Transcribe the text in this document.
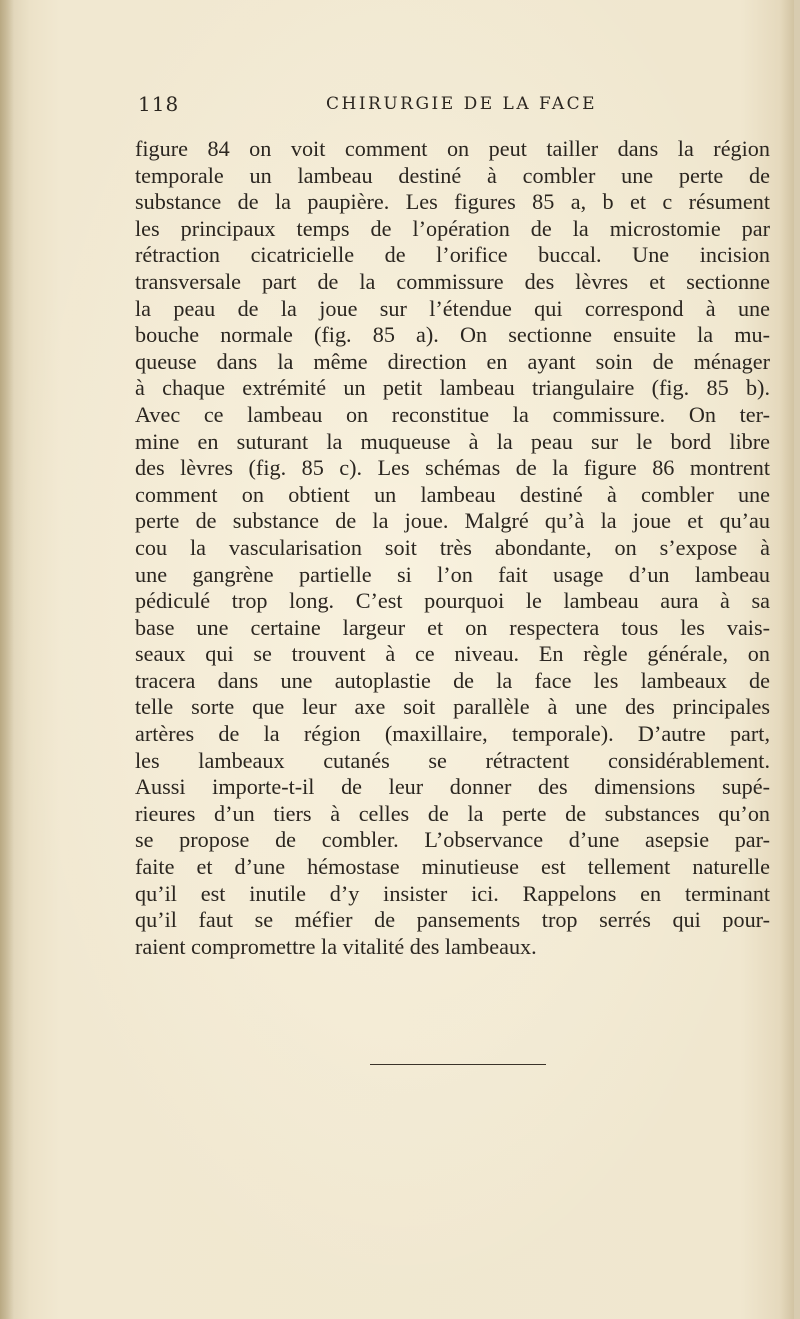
118	CHIRURGIE DE LA FACE
figure 84 on voit comment on peut tailler dans la région
temporale un lambeau destiné à combler une perte de
substance de la paupière. Les figures 85 a, b et c résument
les principaux temps de l’opération de la microstomie par
rétraction cicatricielle de l’orifice buccal. Une incision
transversale part de la commissure des lèvres et sectionne
la peau de la joue sur l’étendue qui correspond à une
bouche normale (fig. 85 a). On sectionne ensuite la mu-
queuse dans la même direction en ayant soin de ménager
à chaque extrémité un petit lambeau triangulaire (fig. 85 b).
Avec ce lambeau on reconstitue la commissure. On ter-
mine en suturant la muqueuse à la peau sur le bord libre
des lèvres (fig. 85 c). Les schémas de la figure 86 montrent
comment on obtient un lambeau destiné à combler une
perte de substance de la joue. Malgré qu’à la joue et qu’au
cou la vascularisation soit très abondante, on s’expose à
une gangrène partielle si l’on fait usage d’un lambeau
pédiculé trop long. C’est pourquoi le lambeau aura à sa
base une certaine largeur et on respectera tous les vais-
seaux qui se trouvent à ce niveau. En règle générale, on
tracera dans une autoplastie de la face les lambeaux de
telle sorte que leur axe soit parallèle à une des principales
artères de la région (maxillaire, temporale). D’autre part,
les lambeaux cutanés se rétractent considérablement.
Aussi importe-t-il de leur donner des dimensions supé-
rieures d’un tiers à celles de la perte de substances qu’on
se propose de combler. L’observance d’une asepsie par-
faite et d’une hémostase minutieuse est tellement naturelle
qu’il est inutile d’y insister ici. Rappelons en terminant
qu’il faut se méfier de pansements trop serrés qui pour-
raient compromettre la vitalité des lambeaux.
